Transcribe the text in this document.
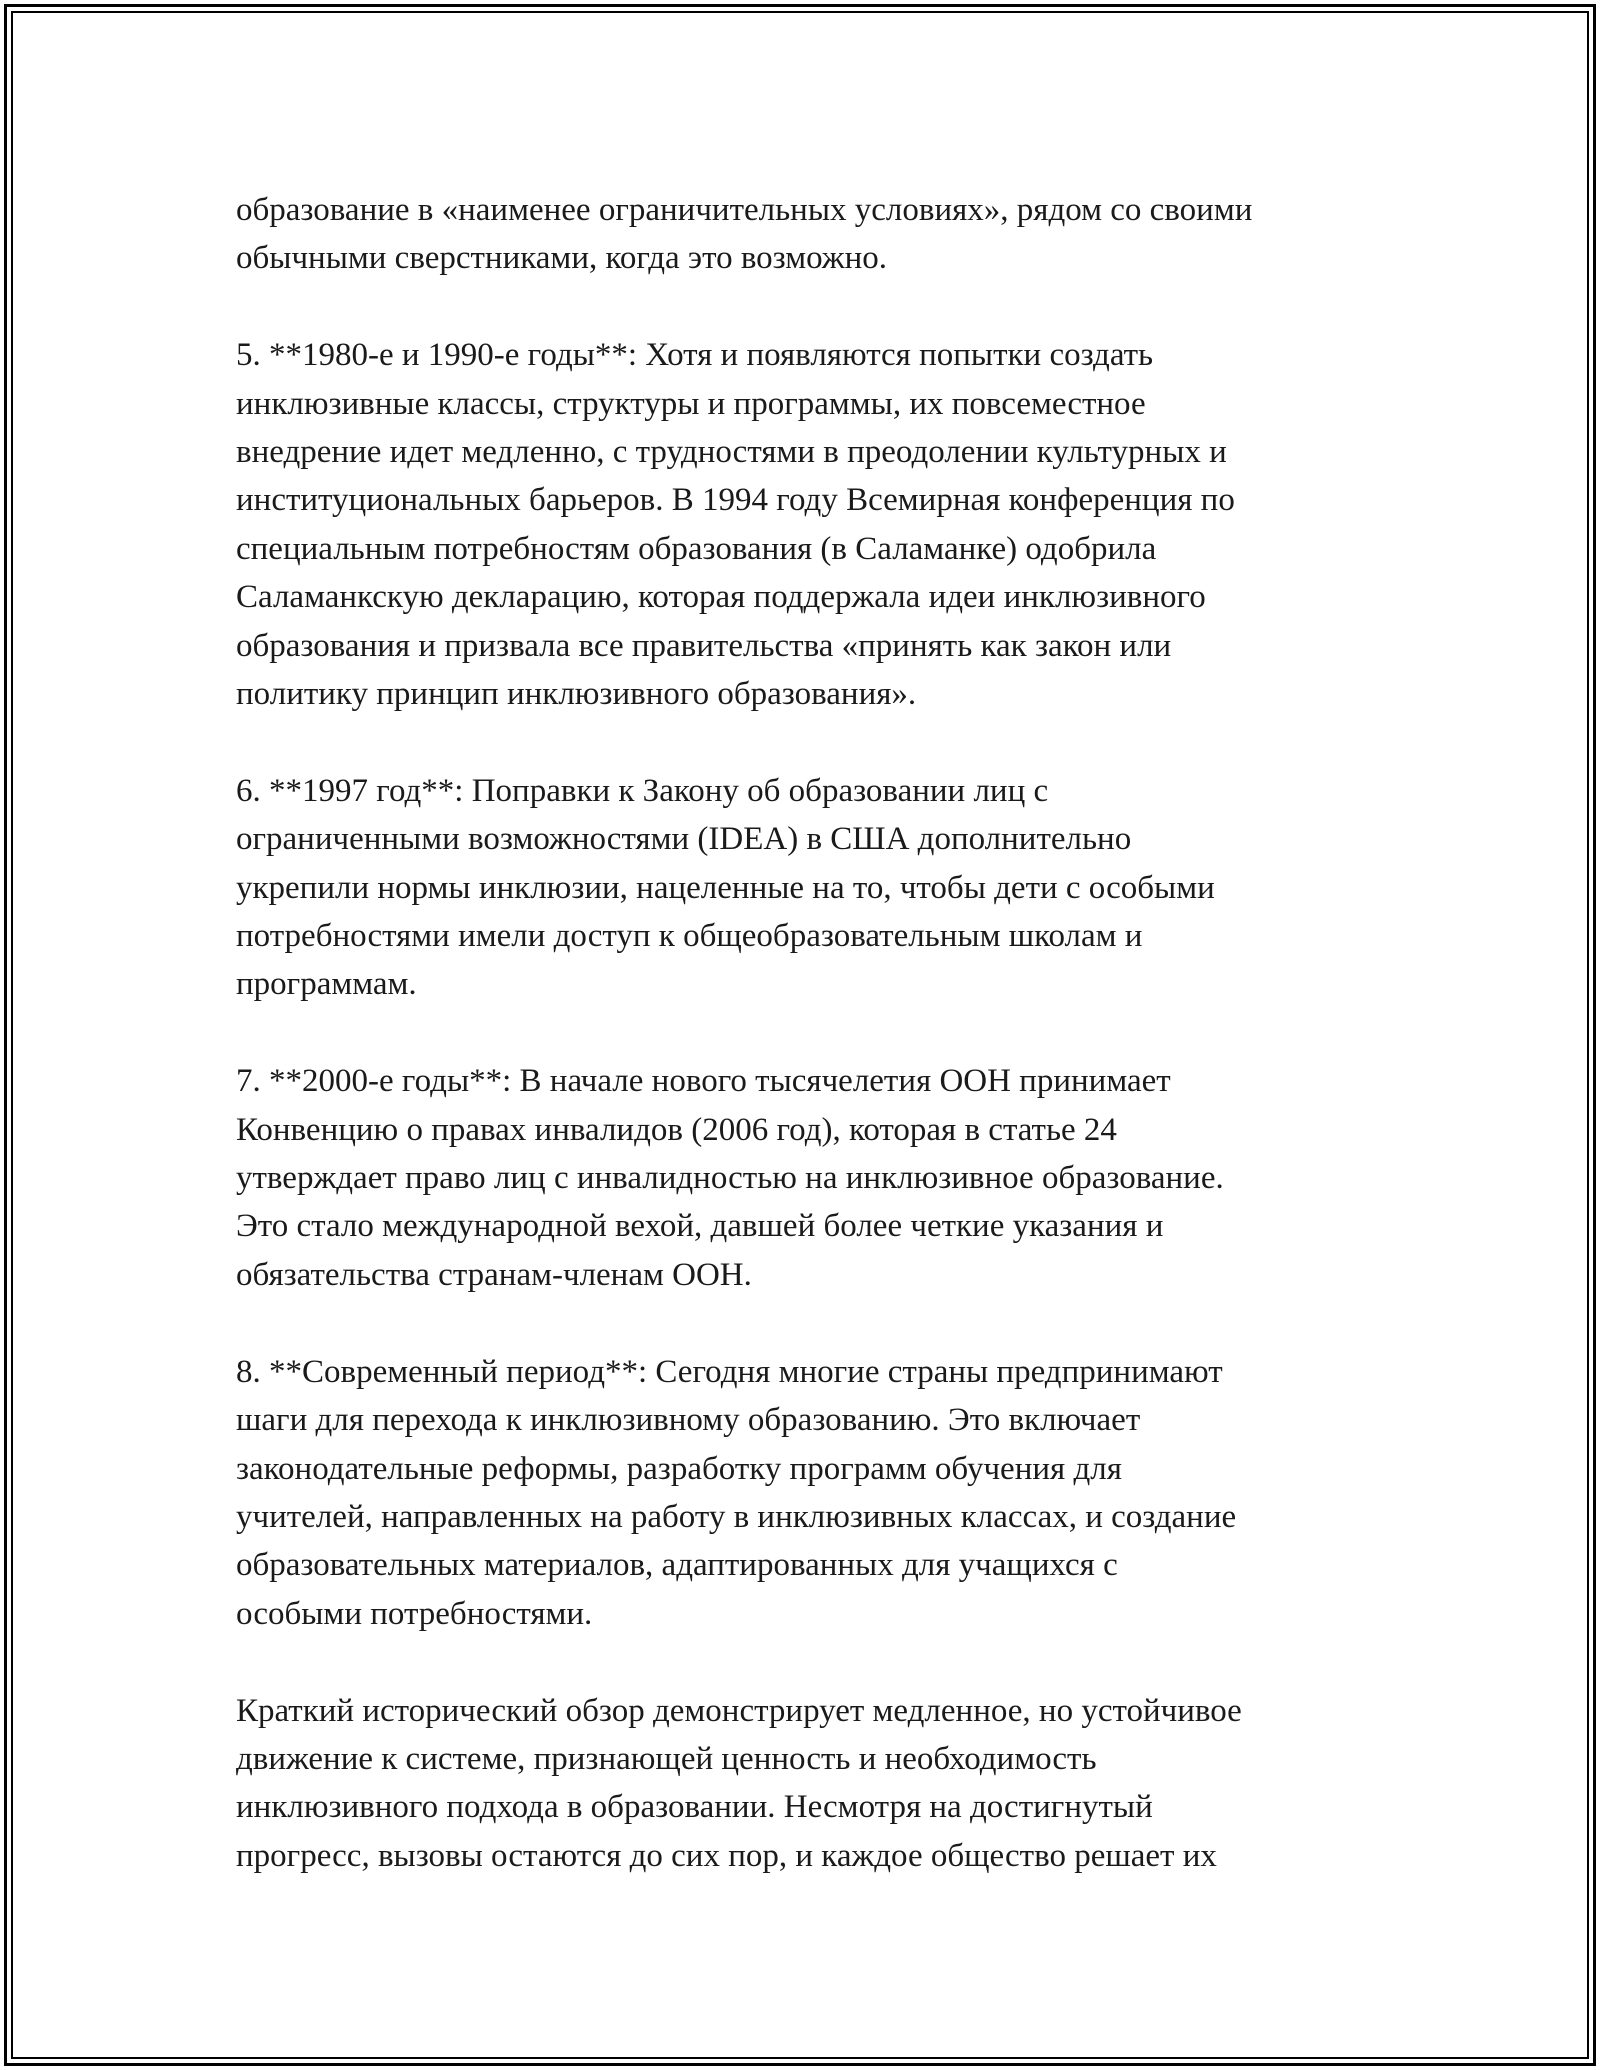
образование в «наименее ограничительных условиях», рядом со своими
обычными сверстниками, когда это возможно.

5. **1980-е и 1990-е годы**: Хотя и появляются попытки создать
инклюзивные классы, структуры и программы, их повсеместное
внедрение идет медленно, с трудностями в преодолении культурных и
институциональных барьеров. В 1994 году Всемирная конференция по
специальным потребностям образования (в Саламанке) одобрила
Саламанкскую декларацию, которая поддержала идеи инклюзивного
образования и призвала все правительства «принять как закон или
политику принцип инклюзивного образования».

6. **1997 год**: Поправки к Закону об образовании лиц с
ограниченными возможностями (IDEA) в США дополнительно
укрепили нормы инклюзии, нацеленные на то, чтобы дети с особыми
потребностями имели доступ к общеобразовательным школам и
программам.

7. **2000-е годы**: В начале нового тысячелетия ООН принимает
Конвенцию о правах инвалидов (2006 год), которая в статье 24
утверждает право лиц с инвалидностью на инклюзивное образование.
Это стало международной вехой, давшей более четкие указания и
обязательства странам-членам ООН.

8. **Современный период**: Сегодня многие страны предпринимают
шаги для перехода к инклюзивному образованию. Это включает
законодательные реформы, разработку программ обучения для
учителей, направленных на работу в инклюзивных классах, и создание
образовательных материалов, адаптированных для учащихся с
особыми потребностями.

Краткий исторический обзор демонстрирует медленное, но устойчивое
движение к системе, признающей ценность и необходимость
инклюзивного подхода в образовании. Несмотря на достигнутый
прогресс, вызовы остаются до сих пор, и каждое общество решает их
